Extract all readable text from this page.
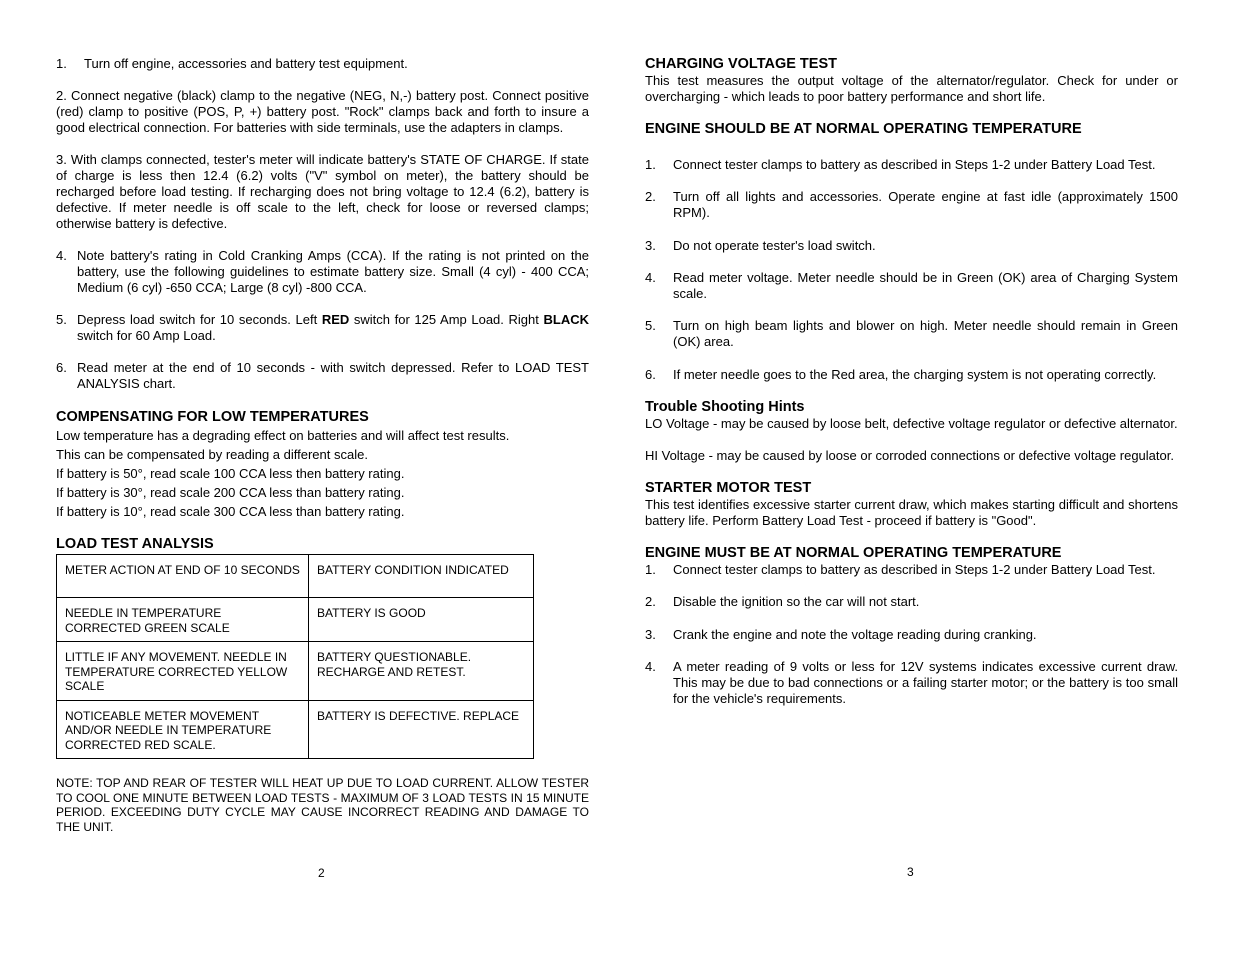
1.	Turn off engine, accessories and battery test equipment.

2. Connect negative (black) clamp to the negative (NEG, N,-) battery post. Connect positive (red) clamp to positive (POS, P, +) battery post. "Rock" clamps back and forth to insure a good electrical connection. For batteries with side terminals, use the adapters in clamps.

3. With clamps connected, tester's meter will indicate battery's STATE OF CHARGE. If state of charge is less then 12.4 (6.2) volts ("V" symbol on meter), the battery should be recharged before load testing. If recharging does not bring voltage to 12.4 (6.2), battery is defective. If meter needle is off scale to the left, check for loose or reversed clamps; otherwise battery is defective.

4. Note battery's rating in Cold Cranking Amps (CCA). If the rating is not printed on the battery, use the following guidelines to estimate battery size. Small (4 cyl) - 400 CCA; Medium (6 cyl) -650 CCA; Large (8 cyl) -800 CCA.
5. Depress load switch for 10 seconds. Left RED switch for 125 Amp Load. Right BLACK switch for 60 Amp Load.
6. Read meter at the end of 10 seconds - with switch depressed. Refer to LOAD TEST ANALYSIS chart.

COMPENSATING FOR LOW TEMPERATURES

Low temperature has a degrading effect on batteries and will affect test results.

This can be compensated by reading a different scale.

If battery is 50°, read scale 100 CCA less then battery rating.

If battery is 30°, read scale 200 CCA less than battery rating.

If battery is 10°, read scale 300 CCA less than battery rating.

LOAD TEST ANALYSIS

METER ACTION AT END OF 10 SECONDS	BATTERY CONDITION INDICATED
NEEDLE IN TEMPERATURE CORRECTED GREEN SCALE	BATTERY IS GOOD
LITTLE IF ANY MOVEMENT. NEEDLE IN TEMPERATURE CORRECTED YELLOW SCALE	BATTERY QUESTIONABLE. RECHARGE AND RETEST.
NOTICEABLE METER MOVEMENT AND/OR NEEDLE IN TEMPERATURE CORRECTED RED SCALE.	BATTERY IS DEFECTIVE. REPLACE

NOTE: TOP AND REAR OF TESTER WILL HEAT UP DUE TO LOAD CURRENT. ALLOW TESTER TO COOL ONE MINUTE BETWEEN LOAD TESTS - MAXIMUM OF 3 LOAD TESTS IN 15 MINUTE PERIOD. EXCEEDING DUTY CYCLE MAY CAUSE INCORRECT READING AND DAMAGE TO THE UNIT.

2

CHARGING VOLTAGE TEST

This test measures the output voltage of the alternator/regulator. Check for under or overcharging - which leads to poor battery performance and short life.

ENGINE SHOULD BE AT NORMAL OPERATING TEMPERATURE

1.	Connect tester clamps to battery as described in Steps 1-2 under Battery Load Test.
2.	Turn off all lights and accessories. Operate engine at fast idle (approximately 1500 RPM).
3.	Do not operate tester's load switch.
4.	Read meter voltage. Meter needle should be in Green (OK) area of Charging System scale.
5.	Turn on high beam lights and blower on high. Meter needle should remain in Green (OK) area.
6.	If meter needle goes to the Red area, the charging system is not operating correctly.

Trouble Shooting Hints

LO Voltage - may be caused by loose belt, defective voltage regulator or defective alternator.

HI Voltage - may be caused by loose or corroded connections or defective voltage regulator.

STARTER MOTOR TEST

This test identifies excessive starter current draw, which makes starting difficult and shortens battery life. Perform Battery Load Test - proceed if battery is "Good".

ENGINE MUST BE AT NORMAL OPERATING TEMPERATURE

1.	Connect tester clamps to battery as described in Steps 1-2 under Battery Load Test.
2.	Disable the ignition so the car will not start.
3.	Crank the engine and note the voltage reading during cranking.
4.	A meter reading of 9 volts or less for 12V systems indicates excessive current draw. This may be due to bad connections or a failing starter motor; or the battery is too small for the vehicle's requirements.
3
